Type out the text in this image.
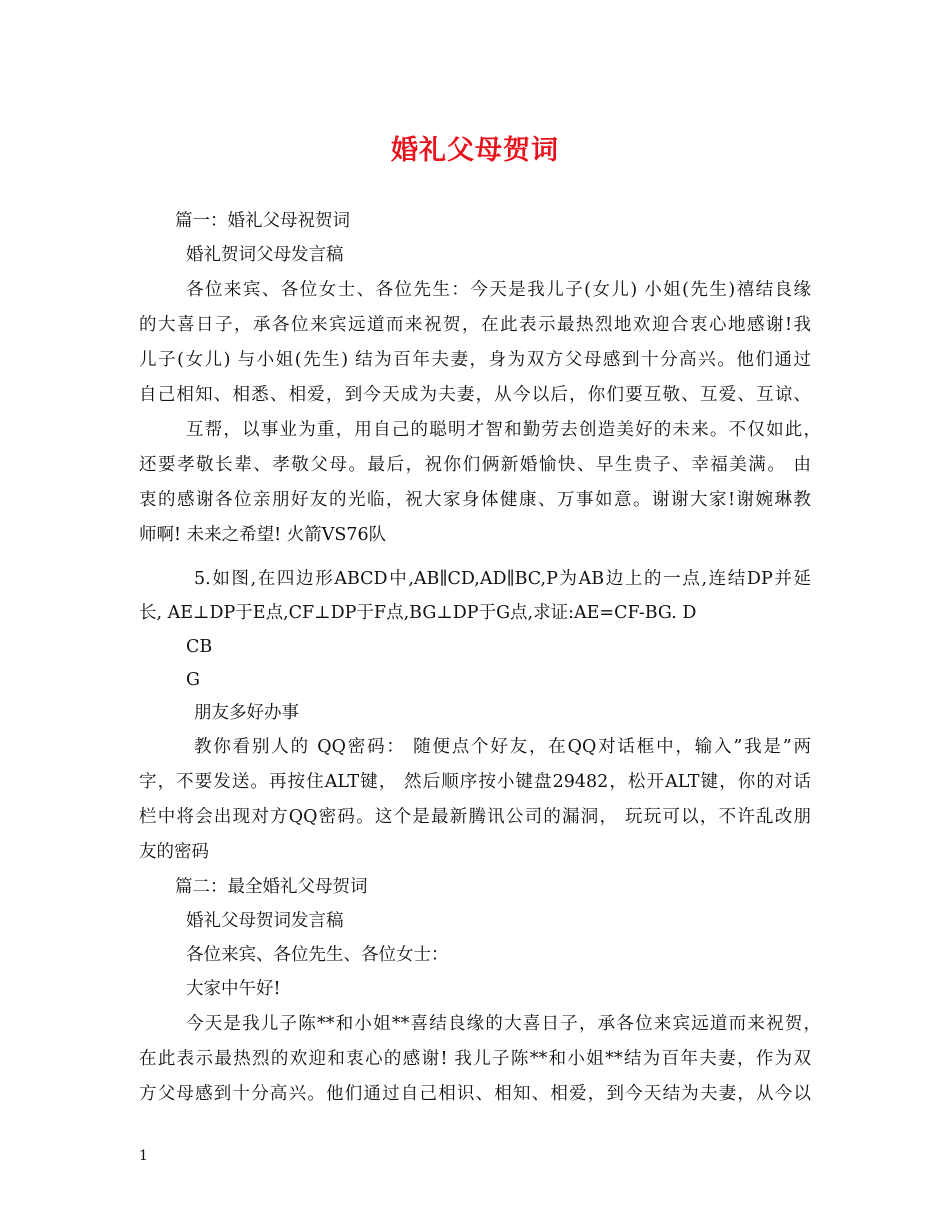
婚礼父母贺词
篇一：婚礼父母祝贺词
婚礼贺词父母发言稿
各位来宾、各位女士、各位先生：今天是我儿子(女儿) 小姐(先生)禧结良缘
的大喜日子，承各位来宾远道而来祝贺，在此表示最热烈地欢迎合衷心地感谢!我
儿子(女儿) 与小姐(先生) 结为百年夫妻，身为双方父母感到十分高兴。他们通过
自己相知、相悉、相爱，到今天成为夫妻，从今以后，你们要互敬、互爱、互谅、
互帮，以事业为重，用自己的聪明才智和勤劳去创造美好的未来。不仅如此，
还要孝敬长辈、孝敬父母。最后，祝你们俩新婚愉快、早生贵子、幸福美满。 由
衷的感谢各位亲朋好友的光临，祝大家身体健康、万事如意。谢谢大家!谢婉琳教
师啊! 未来之希望! 火箭VS76队
5.如图,在四边形ABCD中,AB∥CD,AD∥BC,P为AB边上的一点,连结DP并延
长, AE⊥DP于E点,CF⊥DP于F点,BG⊥DP于G点,求证:AE=CF-BG. D
CB
G
朋友多好办事
教你看别人的 QQ密码： 随便点个好友，在QQ对话框中，输入”我是”两
字，不要发送。再按住ALT键， 然后顺序按小键盘29482，松开ALT键，你的对话
栏中将会出现对方QQ密码。这个是最新腾讯公司的漏洞， 玩玩可以，不许乱改朋
友的密码
篇二：最全婚礼父母贺词
婚礼父母贺词发言稿
各位来宾、各位先生、各位女士：
大家中午好!
今天是我儿子陈**和小姐**喜结良缘的大喜日子，承各位来宾远道而来祝贺，
在此表示最热烈的欢迎和衷心的感谢! 我儿子陈**和小姐**结为百年夫妻，作为双
方父母感到十分高兴。他们通过自己相识、相知、相爱，到今天结为夫妻，从今以
1
